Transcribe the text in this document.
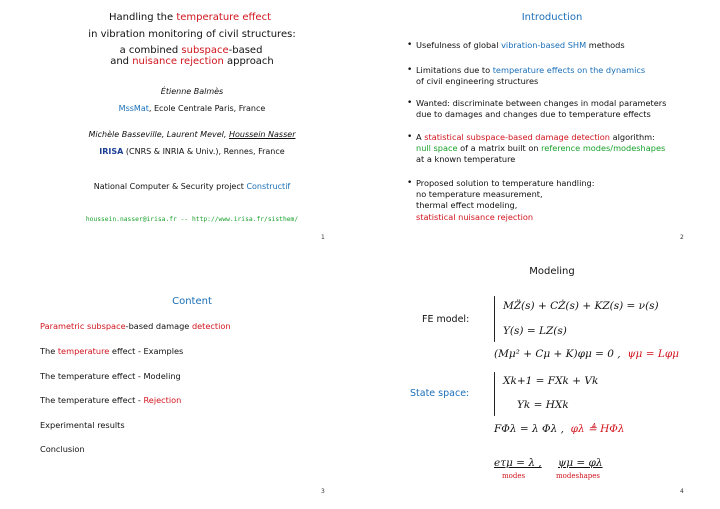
Handling the temperature effect
in vibration monitoring of civil structures:
a combined subspace-based
and nuisance rejection approach
Étienne Balmès
MssMat, Ecole Centrale Paris, France
Michèle Basseville, Laurent Mevel, Houssein Nasser
IRISA (CNRS & INRIA & Univ.), Rennes, France
National Computer & Security project Constructif
houssein.nasser@irisa.fr -- http://www.irisa.fr/sisthem/
1
Introduction
• Usefulness of global vibration-based SHM methods
• Limitations due to temperature effects on the dynamics
of civil engineering structures
• Wanted: discriminate between changes in modal parameters
due to damages and changes due to temperature effects
• A statistical subspace-based damage detection algorithm:
null space of a matrix built on reference modes/modeshapes
at a known temperature
• Proposed solution to temperature handling:
no temperature measurement,
thermal effect modeling,
statistical nuisance rejection
2
Content
Parametric subspace-based damage detection
The temperature effect - Examples
The temperature effect - Modeling
The temperature effect - Rejection
Experimental results
Conclusion
3
Modeling
FE model:
MZ̈(s) + CŻ(s) + KZ(s) = ν(s)
Y(s) = LZ(s)
(Mμ² + Cμ + K)φμ = 0 , ψμ = Lφμ
State space:
Xk+1 = FXk + Vk
Yk = HXk
FΦλ = λ Φλ , φλ ≜ HΦλ
eτμ = λ , ψμ = φλ
modes	modeshapes
4
